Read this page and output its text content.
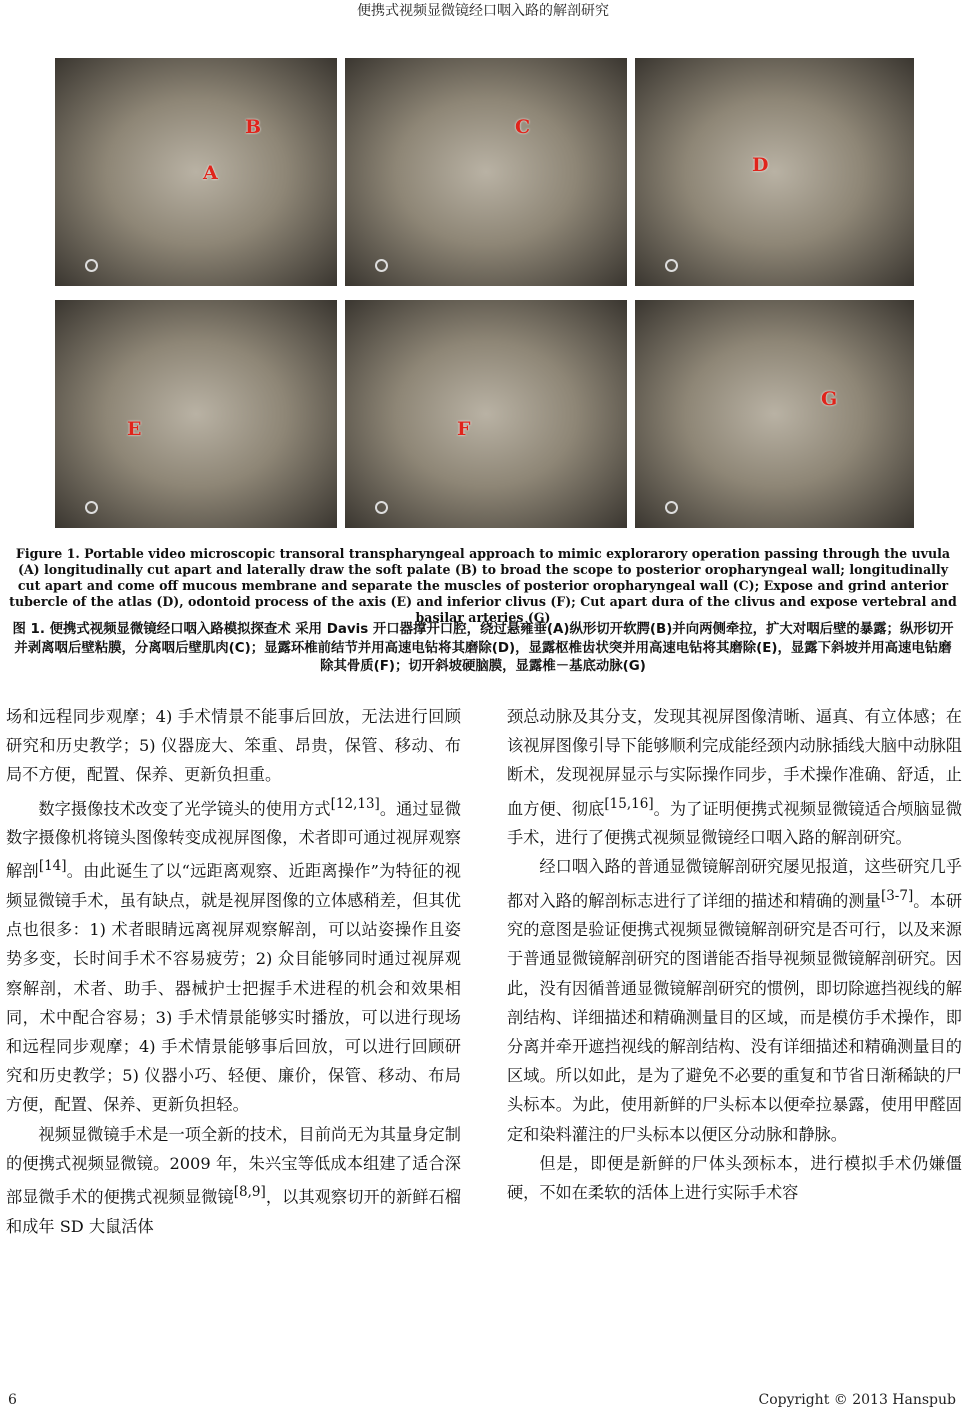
便携式视频显微镜经口咽入路的解剖研究
B
A
C
D
E	F
G
Figure 1. Portable video microscopic transoral transpharyngeal approach to mimic explorarory operation passing through the uvula (A) longitudinally cut apart and laterally draw the soft palate (B) to broad the scope to posterior oropharyngeal wall; longitudinally cut apart and come off mucous membrane and separate the muscles of posterior oropharyngeal wall (C); Expose and grind anterior tubercle of the atlas (D), odontoid process of the axis (E) and inferior clivus (F); Cut apart dura of the clivus and expose vertebral and basilar arteries (G)
图 1. 便携式视频显微镜经口咽入路模拟探查术 采用 Davis 开口器撑开口腔，绕过悬雍垂(A)纵形切开软腭(B)并向两侧牵拉，扩大对咽后壁的暴露；纵形切开并剥离咽后壁粘膜，分离咽后壁肌肉(C)；显露环椎前结节并用高速电钻将其磨除(D)，显露枢椎齿状突并用高速电钻将其磨除(E)，显露下斜坡并用高速电钻磨除其骨质(F)；切开斜坡硬脑膜，显露椎－基底动脉(G)

场和远程同步观摩；4) 手术情景不能事后回放，无法进行回顾研究和历史教学；5) 仪器庞大、笨重、昂贵，保管、移动、布局不方便，配置、保养、更新负担重。

数字摄像技术改变了光学镜头的使用方式[12,13]。通过显微数字摄像机将镜头图像转变成视屏图像，术者即可通过视屏观察解剖[14]。由此诞生了以“远距离观察、近距离操作”为特征的视频显微镜手术，虽有缺点，就是视屏图像的立体感稍差，但其优点也很多：1) 术者眼睛远离视屏观察解剖，可以站姿操作且姿势多变，长时间手术不容易疲劳；2) 众目能够同时通过视屏观察解剖，术者、助手、器械护士把握手术进程的机会和效果相同，术中配合容易；3) 手术情景能够实时播放，可以进行现场和远程同步观摩；4) 手术情景能够事后回放，可以进行回顾研究和历史教学；5) 仪器小巧、轻便、廉价，保管、移动、布局方便，配置、保养、更新负担轻。

视频显微镜手术是一项全新的技术，目前尚无为其量身定制的便携式视频显微镜。2009 年，朱兴宝等低成本组建了适合深部显微手术的便携式视频显微镜[8,9]，以其观察切开的新鲜石榴和成年 SD 大鼠活体

颈总动脉及其分支，发现其视屏图像清晰、逼真、有立体感；在该视屏图像引导下能够顺利完成能经颈内动脉插线大脑中动脉阻断术，发现视屏显示与实际操作同步，手术操作准确、舒适，止血方便、彻底[15,16]。为了证明便携式视频显微镜适合颅脑显微手术，进行了便携式视频显微镜经口咽入路的解剖研究。

经口咽入路的普通显微镜解剖研究屡见报道，这些研究几乎都对入路的解剖标志进行了详细的描述和精确的测量[3-7]。本研究的意图是验证便携式视频显微镜解剖研究是否可行，以及来源于普通显微镜解剖研究的图谱能否指导视频显微镜解剖研究。因此，没有因循普通显微镜解剖研究的惯例，即切除遮挡视线的解剖结构、详细描述和精确测量目的区域，而是模仿手术操作，即分离并牵开遮挡视线的解剖结构、没有详细描述和精确测量目的区域。所以如此，是为了避免不必要的重复和节省日渐稀缺的尸头标本。为此，使用新鲜的尸头标本以便牵拉暴露，使用甲醛固定和染料灌注的尸头标本以便区分动脉和静脉。

但是，即便是新鲜的尸体头颈标本，进行模拟手术仍嫌僵硬，不如在柔软的活体上进行实际手术容

6	Copyright © 2013 Hanspub
